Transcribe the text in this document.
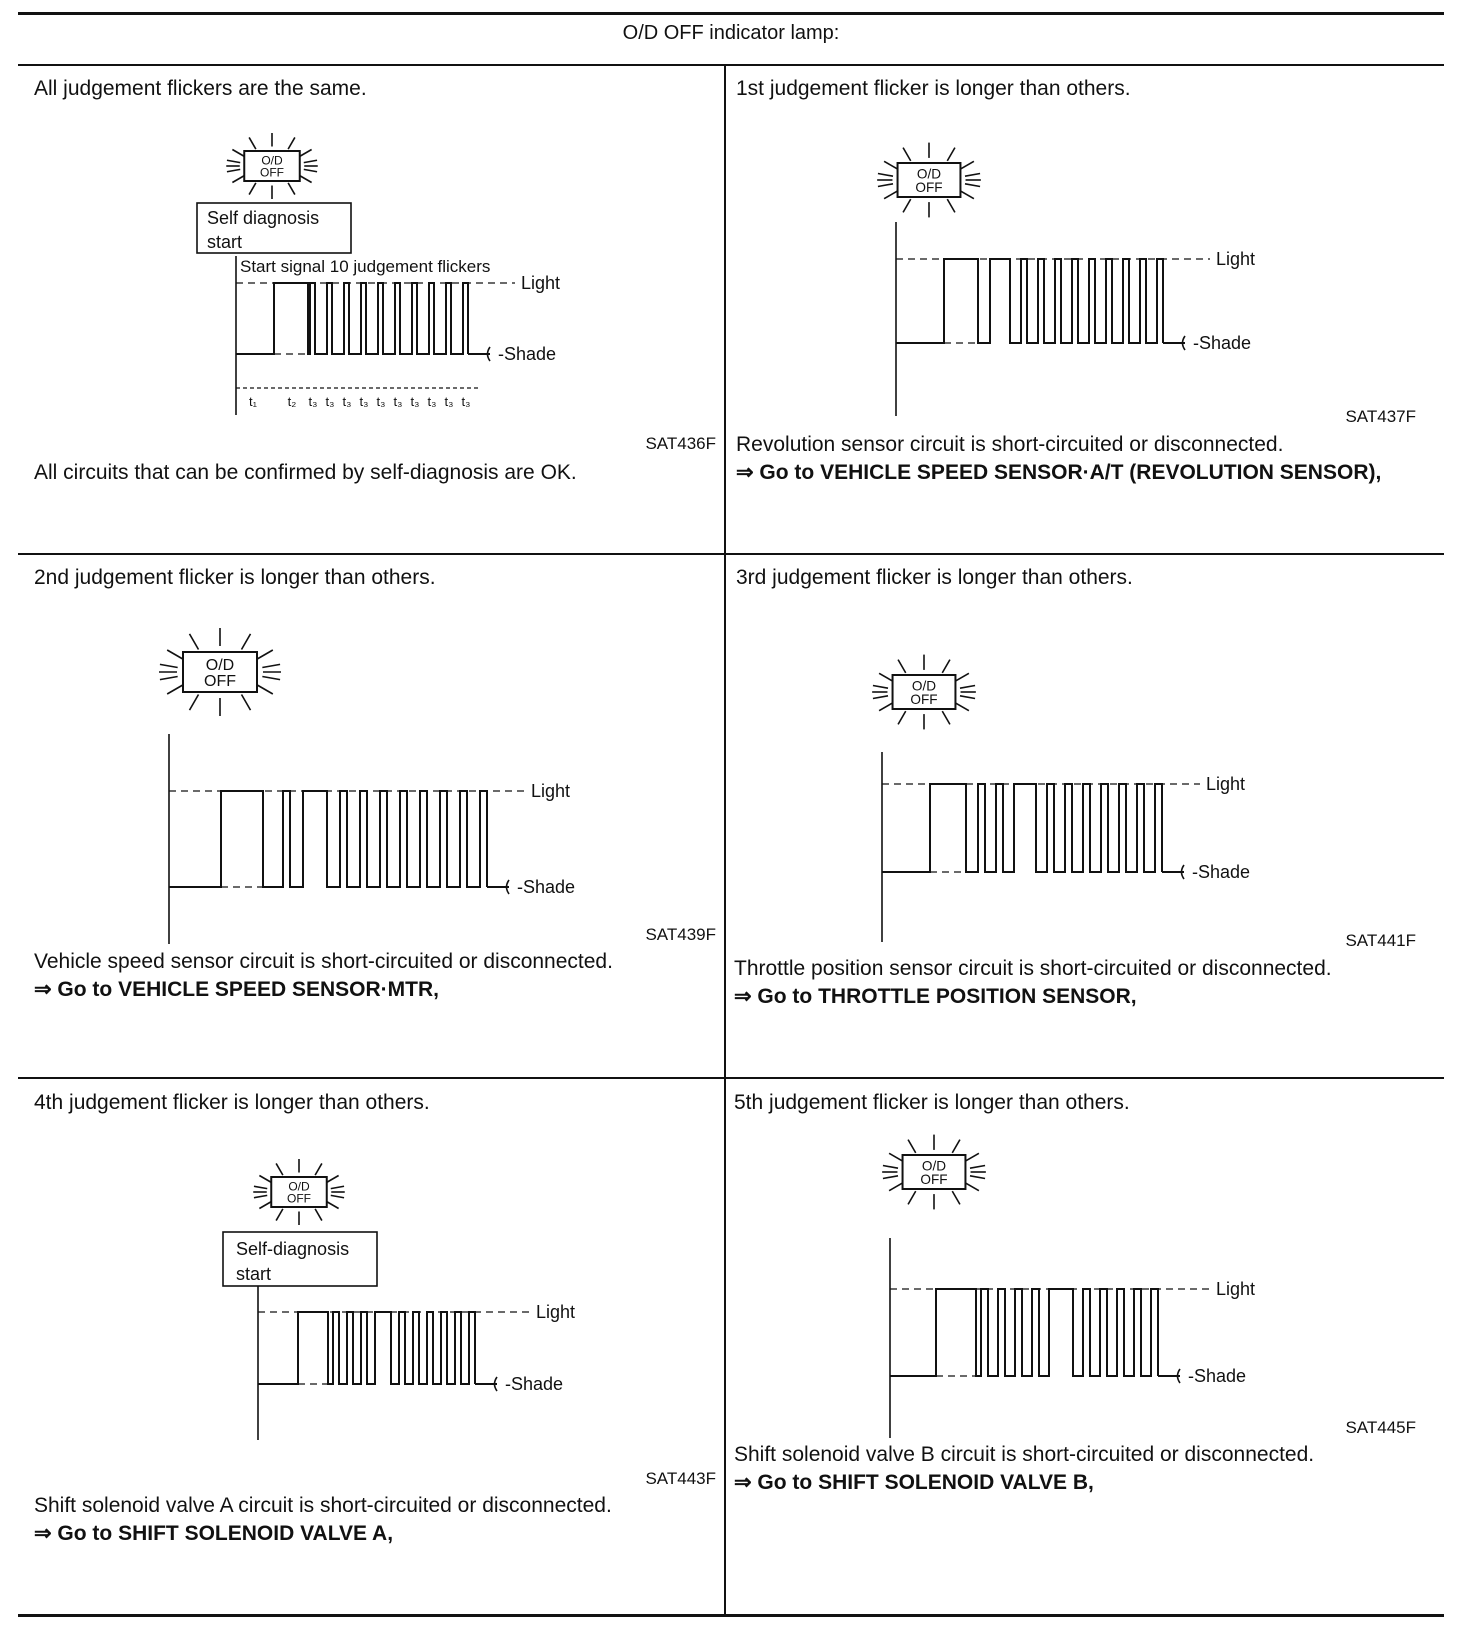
O/D OFF indicator lamp:
All judgement flickers are the same.
O/D
OFF
Self diagnosis
start
Start signal 10 judgement flickers
Light
-Shade
t₁ t₂ t₃ t₃ t₃ t₃ t₃ t₃ t₃ t₃ t₃ t₃
SAT436F
All circuits that can be confirmed by self-diagnosis are OK.
1st judgement flicker is longer than others.
O/D
OFF
Light
-Shade
SAT437F
Revolution sensor circuit is short-circuited or disconnected.
⇒ Go to VEHICLE SPEED SENSOR·A/T (REVOLUTION SENSOR),
2nd judgement flicker is longer than others.
O/D
OFF
Light
-Shade
SAT439F
Vehicle speed sensor circuit is short-circuited or disconnected.
⇒ Go to VEHICLE SPEED SENSOR·MTR,
3rd judgement flicker is longer than others.
O/D
OFF
Light
-Shade
SAT441F
Throttle position sensor circuit is short-circuited or disconnected.
⇒ Go to THROTTLE POSITION SENSOR,
4th judgement flicker is longer than others.
O/D
OFF
Self-diagnosis
start
Light
-Shade
SAT443F
Shift solenoid valve A circuit is short-circuited or disconnected.
⇒ Go to SHIFT SOLENOID VALVE A,
5th judgement flicker is longer than others.
O/D
OFF
Light
-Shade
SAT445F
Shift solenoid valve B circuit is short-circuited or disconnected.
⇒ Go to SHIFT SOLENOID VALVE B,
